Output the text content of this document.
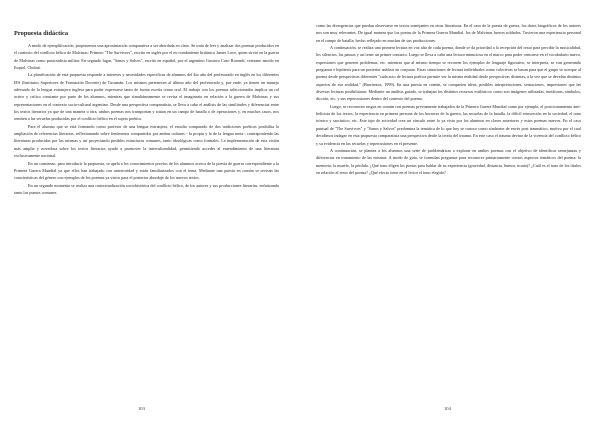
Propuesta didáctica

A modo de ejemplificación, proponemos una aproximación comparativa a ser abordada en clase. Se trata de leer y analizar dos poemas producidos en el contexto del conflicto bélico de Malvinas: Primero "The Survivors", escrito en inglés por el ex-combatiente británico James Love, quien sirvió en la guerra de Malvinas como paracaidista militar. En segundo lugar, "Sanos y Salvos", escrito en español, por el argentino Gustavo Caso Rosendi, veterano nacido en Esquel, Chubut.

La planificación de esta propuesta responde a intereses y necesidades específicas de alumnos del 4to año del profesorado en inglés en los diferentes IES (Institutos Superiores de Formación Docente) de Tucumán. Los mismos pertenecen al último año del profesorado y, por ende, ya tienen un manejo adecuado de la lengua extranjera inglesa para poder expresarse tanto de forma escrita como oral. El trabajo con los poemas seleccionados implica un rol activo y crítico constante por parte de los alumnos, mientras que simultáneamente se revisa el imaginario en relación a la guerra de Malvinas y sus representaciones en el contexto socio-cultural argentino. Desde una perspectiva comparatista, se lleva a cabo el análisis de las similitudes y diferencias entre los textos literarios ya que de una manera u otra, ambos poemas nos transportan y sitúan en un campo de batalla o de operaciones y, en muchos casos, nos remiten a las secuelas producidas por el conflicto bélico en el sujeto poético.

Para el alumno que se está formando como profesor de una lengua extranjera, el estudio comparado de dos tradiciones poéticas posibilita la ampliación de referencias literarias, reflexionando sobre fenómenos compartidos por ambas culturas - la propia y la de la lengua meta-, contraponiendo las literaturas producidas por las mismas y así proyectando posibles estructuras comunes, tanto ideológicas como formales. La implementación de esta visión más amplia y novedosa sobre los textos literarios ayuda a promover la interculturalidad, permitiendo acceder al entendimiento de una literatura exclusivamente nacional.

En un comienzo, para introducir la propuesta, se apela a los conocimientos previos de los alumnos acerca de la poesía de guerra correspondiente a la Primera Guerra Mundial ya que ellos han trabajado con anterioridad y están familiarizados con el tema. Mediante una puesta en común se revisan las características del género con ejemplos de los poemas ya vistos para el posterior abordaje de los nuevos textos.

En un segundo momento se realiza una contextualización sociohistórica del conflicto bélico, de los autores y sus producciones literarias, enfatizando tanto los puntos comunes

103

como las divergencias que puedan observarse en textos semejantes en otras literaturas. En el caso de la poesía de guerra, los datos biográficos de los autores nos son muy relevantes. De igual manera que los poetas de la Primera Guerra Mundial, los de Malvinas fueron soldados. Tuvieron una experiencia personal en el campo de batalla, hecho reflejado en muchas de sus producciones.

A continuación, se realiza una primera lectura en voz alta de cada poema, donde se da prioridad a la recepción del texto para percibir la musicalidad, los silencios, las pausas y así tener un primer contacto. Luego se lleva a cabo una lectura minuciosa en el marco para poder centrarse en el vocabulario nuevo, expresiones que generen problemas, etc. mientras que al mismo tiempo se recorren los ejemplos de lenguaje figurativo, se interpreta, se van generando preguntas e hipótesis para un posterior análisis en conjunto. Estas situaciones de lectura individuales como colectivas se basan para que el grupo se acerque al poema desde perspectivas diferentes "cada acto de lectura poética permite ver la misma realidad desde perspectivas distintas, a la vez que se develan distintos aspectos de esa realidad." (Barrientos, 1999). En una puesta en común, se comparten ideas, posibles interpretaciones, sensaciones, impresiones que las diversas lecturas posibilitaron. Mediante un análisis guiado, se trabajan los distintos recursos estilísticos como son imágenes utilizadas, metáforas, símbolos, dicción, etc. y sus repercusiones dentro del contexto del poema.

Luego, se reconocen rasgos en común con poemas previamente trabajados de la Primera Guerra Mundial como por ejemplo, el posicionamiento anti-belicista de los textos, la experiencia en primera persona de los horrores de la guerra, las secuelas de la batalla, la difícil reinserción en la sociedad, el tono irónico y sarcástico, etc. Este tipo de actividad crea un vínculo entre lo ya visto por los alumnos en clases anteriores y estos poemas nuevos. En el caso puntual de "The Survivors" y "Sanos y Salvos" predomina la temática de lo que hoy se conoce como síndrome de estrés post traumático, motivo por el cual decidimos indagar en esta propuesta comparatista una perspectiva desde la teoría del trauma. En este caso el trauma devino de la vivencia del conflicto bélico y su evidencia en las secuelas y repercusiones en el presente.

A continuación, se plantea a los alumnos una serie de problemáticas a explorar en ambos poemas con el objetivo de identificar semejanzas y diferencias en tratamiento de las mismas. A modo de guía, se formulan preguntas para reconocer primariamente ciertos aspectos temáticos del poema: la memoria, la muerte, la pérdida. ¿Qué tono eligen los poetas para hablar de su experiencia (gravedad, distancia, humor, ironía)? ¿Cuál es el tono de los títulos en relación al resto del poema? ¿Qué efecto tiene en el lector el tono elegido?

104
